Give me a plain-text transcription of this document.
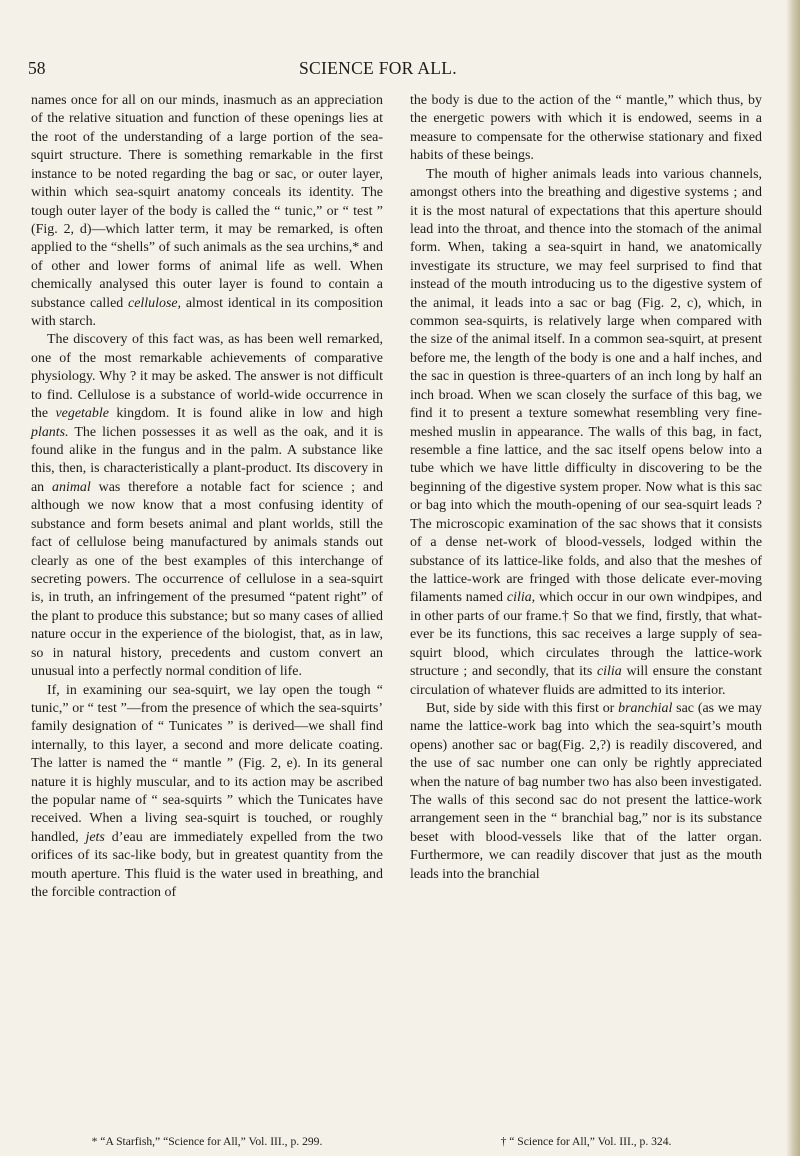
58	SCIENCE FOR ALL.

names once for all on our minds, inasmuch as an appreciation of the relative situation and function of these openings lies at the root of the understanding of a large portion of the sea-squirt structure. There is something remarkable in the first instance to be noted regarding the bag or sac, or outer layer, within which sea-squirt anatomy conceals its identity. The tough outer layer of the body is called the “ tunic,” or “ test ” (Fig. 2, d)—which latter term, it may be remarked, is often applied to the “shells” of such animals as the sea urchins,* and of other and lower forms of animal life as well. When chemically analysed this outer layer is found to contain a substance called cellulose, almost identical in its composition with starch.

The discovery of this fact was, as has been well remarked, one of the most remarkable achievements of comparative physiology. Why ? it may be asked. The answer is not difficult to find. Cellulose is a substance of world-wide occurrence in the vegetable kingdom. It is found alike in low and high plants. The lichen possesses it as well as the oak, and it is found alike in the fungus and in the palm. A substance like this, then, is characteristically a plant-product. Its discovery in an animal was therefore a notable fact for science ; and although we now know that a most confusing identity of substance and form besets animal and plant worlds, still the fact of cellulose being manufactured by animals stands out clearly as one of the best examples of this interchange of secreting powers. The occurrence of cellulose in a sea-squirt is, in truth, an infringement of the presumed “patent right” of the plant to produce this substance; but so many cases of allied nature occur in the experience of the biologist, that, as in law, so in natural history, precedents and custom convert an unusual into a perfectly normal condition of life.

If, in examining our sea-squirt, we lay open the tough “ tunic,” or “ test ”—from the presence of which the sea-squirts’ family designation of “ Tunicates ” is derived—we shall find internally, to this layer, a second and more delicate coating. The latter is named the “ mantle ” (Fig. 2, e). In its general nature it is highly muscular, and to its action may be ascribed the popular name of “ sea-squirts ” which the Tunicates have received. When a living sea-squirt is touched, or roughly handled, jets d’eau are immediately expelled from the two orifices of its sac-like body, but in greatest quantity from the mouth aperture. This fluid is the water used in breathing, and the forcible contraction of

the body is due to the action of the “ mantle,” which thus, by the energetic powers with which it is endowed, seems in a measure to compensate for the otherwise stationary and fixed habits of these beings.

The mouth of higher animals leads into various channels, amongst others into the breathing and digestive systems ; and it is the most natural of expectations that this aperture should lead into the throat, and thence into the stomach of the animal form. When, taking a sea-squirt in hand, we anatomically investigate its structure, we may feel surprised to find that instead of the mouth introducing us to the digestive system of the animal, it leads into a sac or bag (Fig. 2, c), which, in common sea-squirts, is relatively large when compared with the size of the animal itself. In a common sea-squirt, at present before me, the length of the body is one and a half inches, and the sac in question is three-quarters of an inch long by half an inch broad. When we scan closely the surface of this bag, we find it to present a texture somewhat resembling very fine-meshed muslin in appearance. The walls of this bag, in fact, resemble a fine lattice, and the sac itself opens below into a tube which we have little difficulty in discovering to be the beginning of the digestive system proper. Now what is this sac or bag into which the mouth-opening of our sea-squirt leads ? The microscopic examination of the sac shows that it consists of a dense net-work of blood-vessels, lodged within the substance of its lattice-like folds, and also that the meshes of the lattice-work are fringed with those delicate ever-moving filaments named cilia, which occur in our own windpipes, and in other parts of our frame.† So that we find, firstly, that whatever be its functions, this sac receives a large supply of sea-squirt blood, which circulates through the lattice-work structure ; and secondly, that its cilia will ensure the constant circulation of whatever fluids are admitted to its interior.

But, side by side with this first or branchial sac (as we may name the lattice-work bag into which the sea-squirt’s mouth opens) another sac or bag(Fig. 2,?) is readily discovered, and the use of sac number one can only be rightly appreciated when the nature of bag number two has also been investigated. The walls of this second sac do not present the lattice-work arrangement seen in the “ branchial bag,” nor is its substance beset with blood-vessels like that of the latter organ. Furthermore, we can readily discover that just as the mouth leads into the branchial

* “A Starfish,” “Science for All,” Vol. III., p. 299.	† “ Science for All,” Vol. III., p. 324.
